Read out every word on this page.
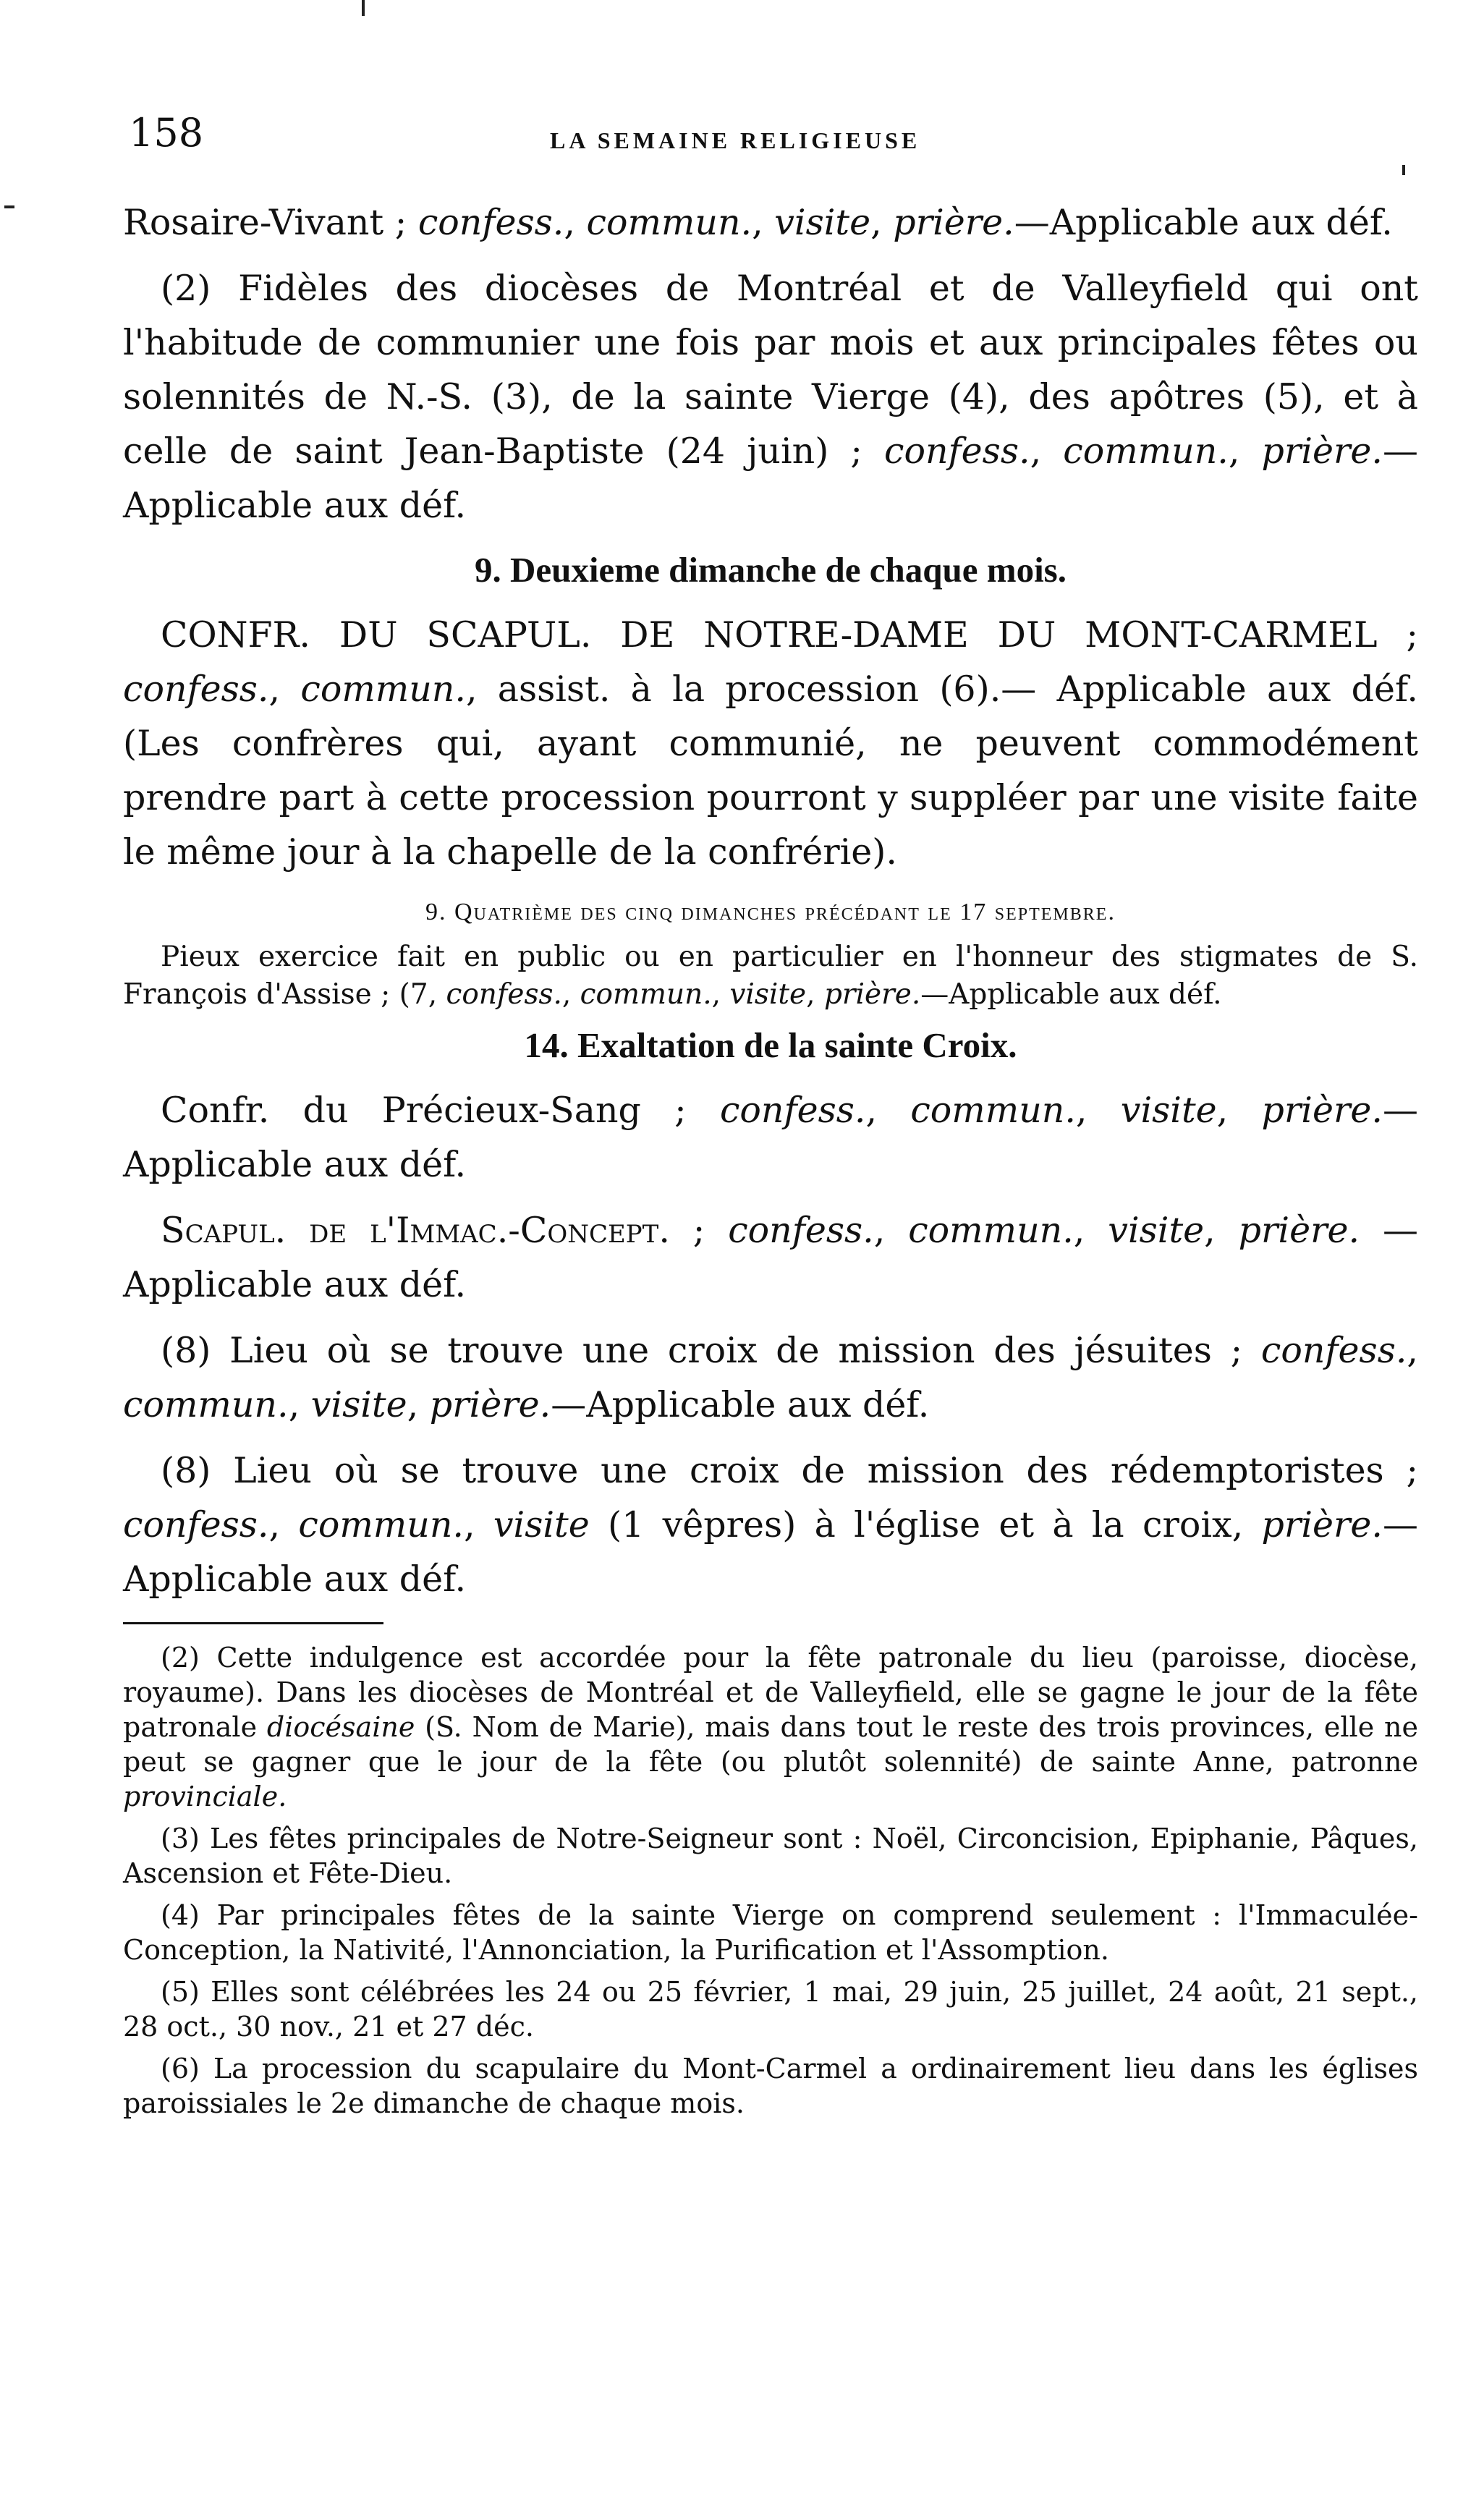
158	LA SEMAINE RELIGIEUSE

Rosaire-Vivant ; confess., commun., visite, prière.—Applicable aux déf.

(2) Fidèles des diocèses de Montréal et de Valleyfield qui ont l'habitude de communier une fois par mois et aux principales fêtes ou solennités de N.-S. (3), de la sainte Vierge (4), des apôtres (5), et à celle de saint Jean-Baptiste (24 juin) ; confess., commun., prière.—Applicable aux déf.

9. Deuxieme dimanche de chaque mois.

CONFR. DU SCAPUL. DE NOTRE-DAME DU MONT-CARMEL ; confess., commun., assist. à la procession (6).— Applicable aux déf. (Les confrères qui, ayant communié, ne peuvent commodément prendre part à cette procession pourront y suppléer par une visite faite le même jour à la chapelle de la confrérie).

9. Quatrième des cinq dimanches précédant le 17 septembre.

Pieux exercice fait en public ou en particulier en l'honneur des stigmates de S. François d'Assise ; (7, confess., commun., visite, prière.—Applicable aux déf.

14. Exaltation de la sainte Croix.

Confr. du Précieux-Sang ; confess., commun., visite, prière.— Applicable aux déf.

Scapul. de l'Immac.-Concept. ; confess., commun., visite, prière. —Applicable aux déf.

(8) Lieu où se trouve une croix de mission des jésuites ; confess., commun., visite, prière.—Applicable aux déf.

(8) Lieu où se trouve une croix de mission des rédemptoristes ; confess., commun., visite (1 vêpres) à l'église et à la croix, prière.— Applicable aux déf.

(2) Cette indulgence est accordée pour la fête patronale du lieu (paroisse, diocèse, royaume). Dans les diocèses de Montréal et de Valleyfield, elle se gagne le jour de la fête patronale diocésaine (S. Nom de Marie), mais dans tout le reste des trois provinces, elle ne peut se gagner que le jour de la fête (ou plutôt solennité) de sainte Anne, patronne provinciale.

(3) Les fêtes principales de Notre-Seigneur sont : Noël, Circoncision, Epiphanie, Pâques, Ascension et Fête-Dieu.

(4) Par principales fêtes de la sainte Vierge on comprend seulement : l'Immaculée-Conception, la Nativité, l'Annonciation, la Purification et l'Assomption.

(5) Elles sont célébrées les 24 ou 25 février, 1 mai, 29 juin, 25 juillet, 24 août, 21 sept., 28 oct., 30 nov., 21 et 27 déc.

(6) La procession du scapulaire du Mont-Carmel a ordinairement lieu dans les églises paroissiales le 2e dimanche de chaque mois.
